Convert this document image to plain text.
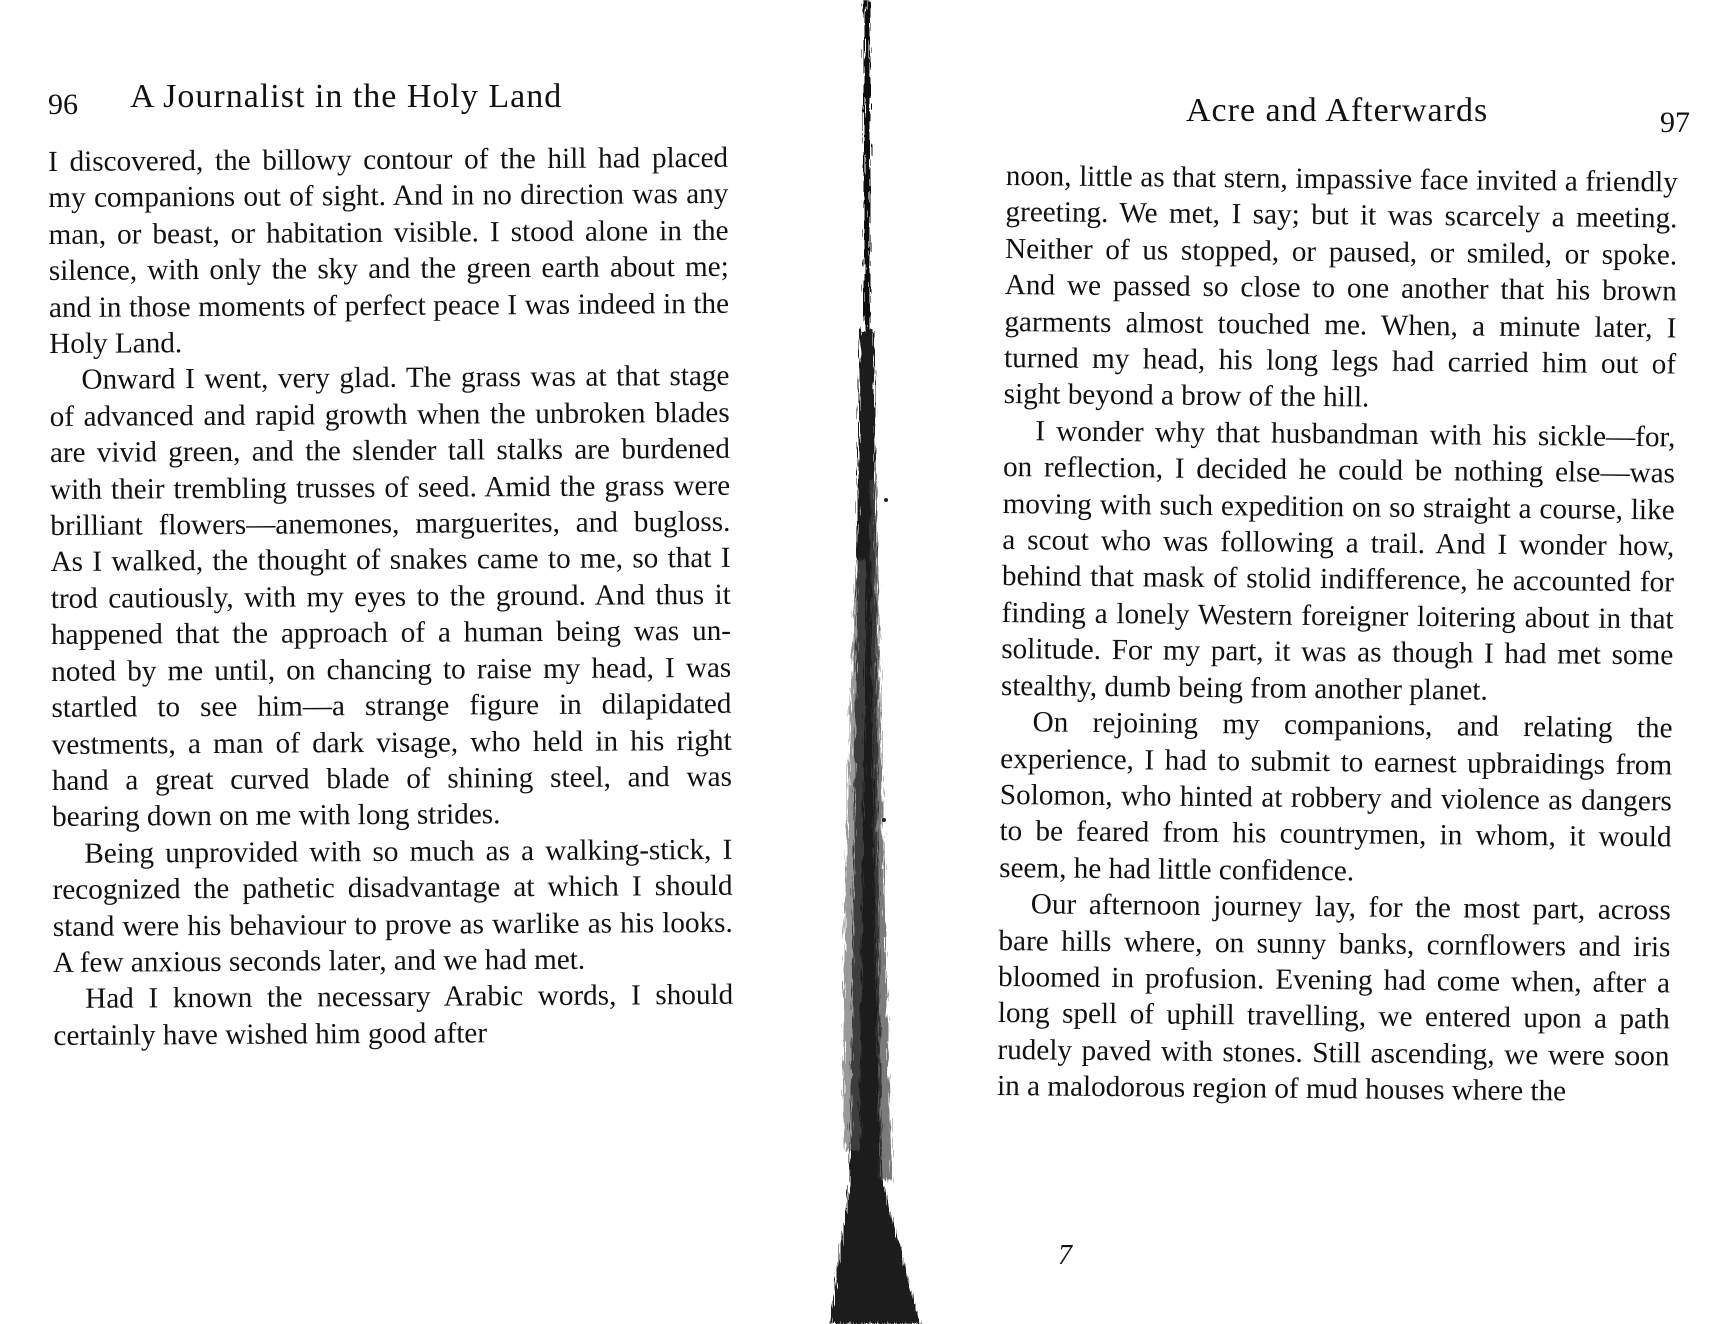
96 A Journalist in the Holy Land

I discovered, the billowy contour of the hill had placed my companions out of sight. And in no direction was any man, or beast, or habitation visible. I stood alone in the silence, with only the sky and the green earth about me; and in those moments of perfect peace I was indeed in the Holy Land.

Onward I went, very glad. The grass was at that stage of advanced and rapid growth when the unbroken blades are vivid green, and the slender tall stalks are burdened with their trembling trusses of seed. Amid the grass were brilliant flowers—anemones, marguerites, and bugloss. As I walked, the thought of snakes came to me, so that I trod cautiously, with my eyes to the ground. And thus it happened that the approach of a human being was unnoted by me until, on chancing to raise my head, I was startled to see him—a strange figure in dilapidated vestments, a man of dark visage, who held in his right hand a great curved blade of shining steel, and was bearing down on me with long strides.

Being unprovided with so much as a walking-stick, I recognized the pathetic disadvantage at which I should stand were his behaviour to prove as warlike as his looks. A few anxious seconds later, and we had met.

Had I known the necessary Arabic words, I should certainly have wished him good after

Acre and Afterwards	97

noon, little as that stern, impassive face invited a friendly greeting. We met, I say; but it was scarcely a meeting. Neither of us stopped, or paused, or smiled, or spoke. And we passed so close to one another that his brown garments almost touched me. When, a minute later, I turned my head, his long legs had carried him out of sight beyond a brow of the hill.

I wonder why that husbandman with his sickle—for, on reflection, I decided he could be nothing else—was moving with such expedition on so straight a course, like a scout who was following a trail. And I wonder how, behind that mask of stolid indifference, he accounted for finding a lonely Western foreigner loitering about in that solitude. For my part, it was as though I had met some stealthy, dumb being from another planet.

On rejoining my companions, and relating the experience, I had to submit to earnest upbraidings from Solomon, who hinted at robbery and violence as dangers to be feared from his countrymen, in whom, it would seem, he had little confidence.

Our afternoon journey lay, for the most part, across bare hills where, on sunny banks, cornflowers and iris bloomed in profusion. Evening had come when, after a long spell of uphill travelling, we entered upon a path rudely paved with stones. Still ascending, we were soon in a malodorous region of mud houses where the

7
